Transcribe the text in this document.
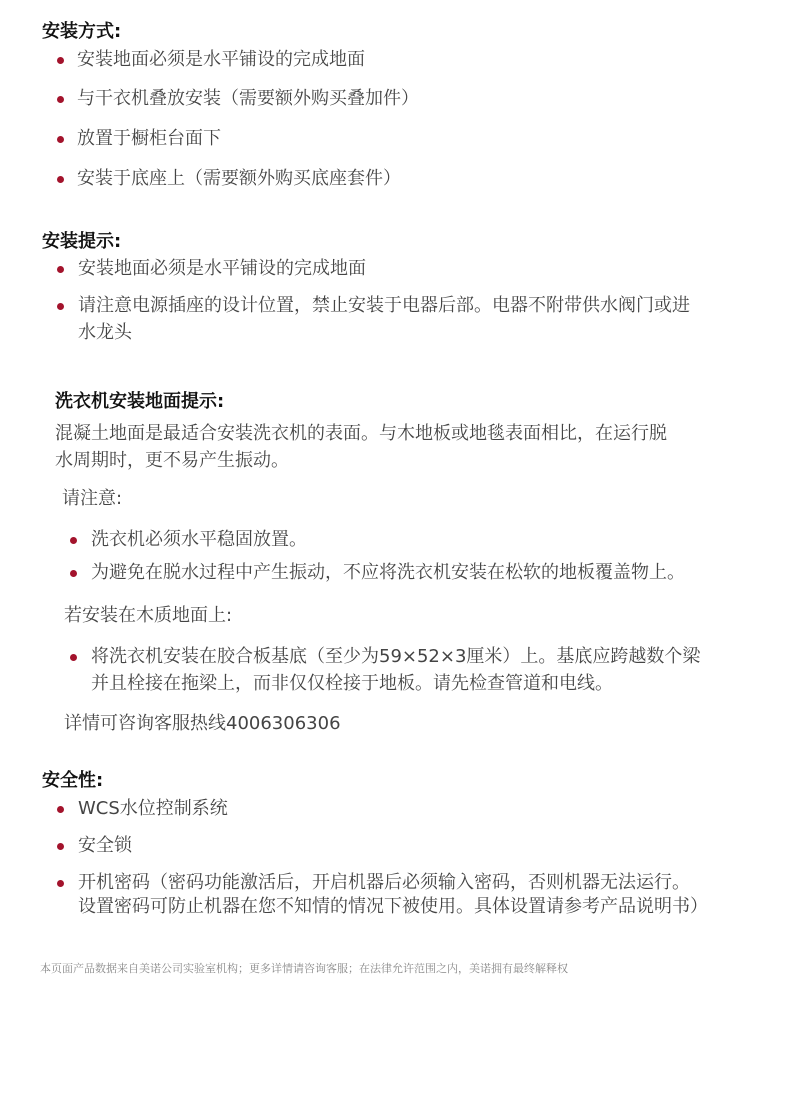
安装方式:
安装地面必须是水平铺设的完成地面
与干衣机叠放安装（需要额外购买叠加件）
放置于橱柜台面下
安装于底座上（需要额外购买底座套件）
安装提示:
安装地面必须是水平铺设的完成地面
请注意电源插座的设计位置，禁止安装于电器后部。电器不附带供水阀门或进
水龙头
洗衣机安装地面提示:
混凝土地面是最适合安装洗衣机的表面。与木地板或地毯表面相比，在运行脱
水周期时，更不易产生振动。
请注意:
洗衣机必须水平稳固放置。
为避免在脱水过程中产生振动，不应将洗衣机安装在松软的地板覆盖物上。
若安装在木质地面上:
将洗衣机安装在胶合板基底（至少为59×52×3厘米）上。基底应跨越数个梁
并且栓接在拖梁上，而非仅仅栓接于地板。请先检查管道和电线。
详情可咨询客服热线4006306306
安全性:
WCS水位控制系统
安全锁
开机密码（密码功能激活后，开启机器后必须输入密码，否则机器无法运行。
设置密码可防止机器在您不知情的情况下被使用。具体设置请参考产品说明书）
本页面产品数据来自美诺公司实验室机构；更多详情请咨询客服；在法律允许范围之内，美诺拥有最终解释权
